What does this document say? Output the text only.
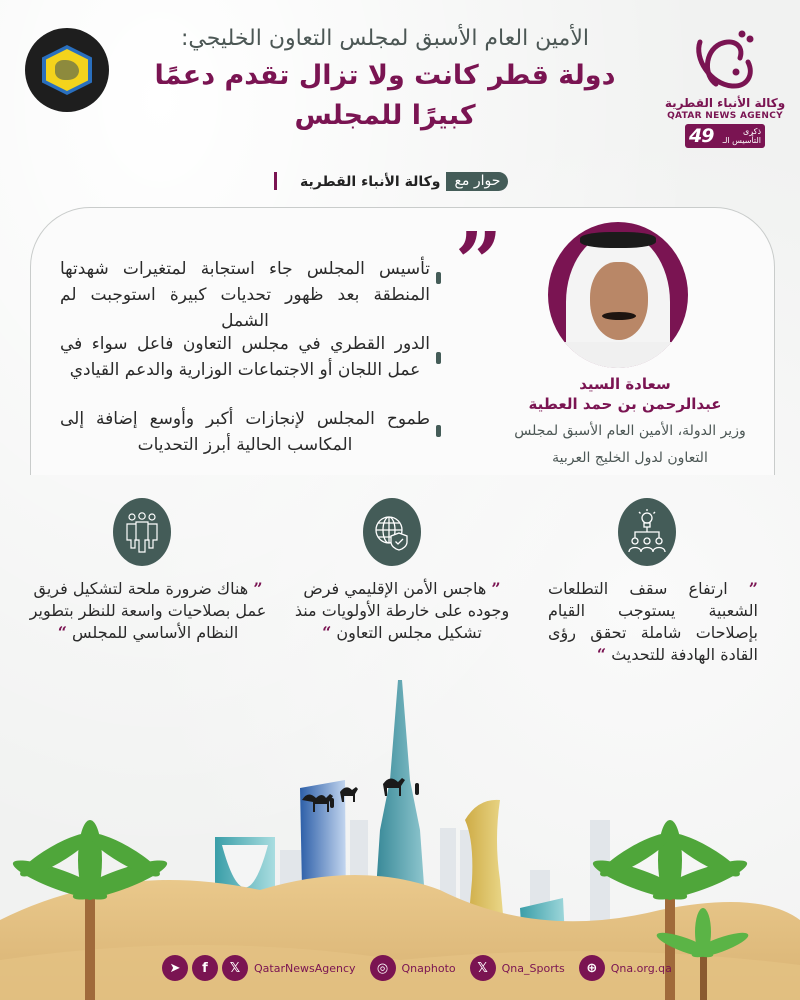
وكالة الأنباء القطرية
QATAR NEWS AGENCY
49	ذكرى
التأسيس الـ
الأمين العام الأسبق لمجلس التعاون الخليجي:
دولة قطر كانت ولا تزال تقدم دعمًا
كبيرًا للمجلس
حوار مع
وكالة الأنباء القطرية
”
تأسيس المجلس جاء استجابة لمتغيرات شهدتها المنطقة بعد ظهور تحديات كبيرة استوجبت لم الشمل
الدور القطري في مجلس التعاون فاعل سواء في عمل اللجان أو الاجتماعات الوزارية والدعم القيادي
طموح المجلس لإنجازات أكبر وأوسع إضافة إلى المكاسب الحالية أبرز التحديات
سعادة السيد
عبدالرحمن بن حمد العطية
وزير الدولة، الأمين العام الأسبق لمجلس
التعاون لدول الخليج العربية
” ارتفاع سقف التطلعات الشعبية يستوجب القيام بإصلاحات شاملة تحقق رؤى القادة الهادفة للتحديث “
” هاجس الأمن الإقليمي فرض وجوده على خارطة الأولويات منذ تشكيل مجلس التعاون “
” هناك ضرورة ملحة لتشكيل فريق عمل بصلاحيات واسعة للنظر بتطوير النظام الأساسي للمجلس “
➤	f	𝕏	QatarNewsAgency	◎	Qnaphoto	𝕏	Qna_Sports	⊕	Qna.org.qa
